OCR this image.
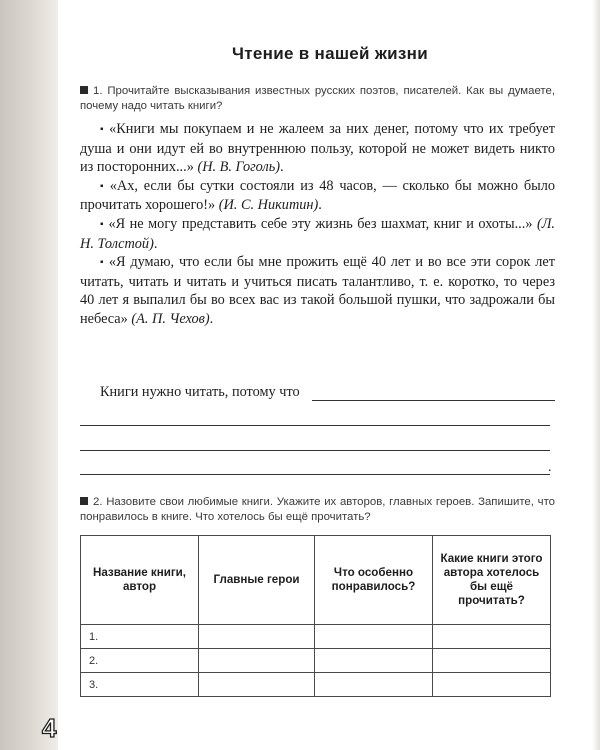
Чтение в нашей жизни
1. Прочитайте высказывания известных русских поэтов, писателей. Как вы думаете, почему надо читать книги?

▪ «Книги мы покупаем и не жалеем за них денег, потому что их требует душа и они идут ей во внутреннюю пользу, которой не может видеть никто из посторонних...» (Н. В. Гоголь).

▪ «Ах, если бы сутки состояли из 48 часов, — сколько бы можно было прочитать хорошего!» (И. С. Никитин).

▪ «Я не могу представить себе эту жизнь без шахмат, книг и охоты...» (Л. Н. Толстой).

▪ «Я думаю, что если бы мне прожить ещё 40 лет и во все эти сорок лет читать, читать и читать и учиться писать талантливо, т. е. коротко, то через 40 лет я выпалил бы во всех вас из такой большой пушки, что задрожали бы небеса» (А. П. Чехов).

Книги нужно читать, потому что
.
2. Назовите свои любимые книги. Укажите их авторов, главных героев. Запишите, что понравилось в книге. Что хотелось бы ещё прочитать?
Название книги, автор	Главные герои	Что особенно понравилось?	Какие книги этого автора хотелось бы ещё прочитать?
1.			
2.			
3.			
4
